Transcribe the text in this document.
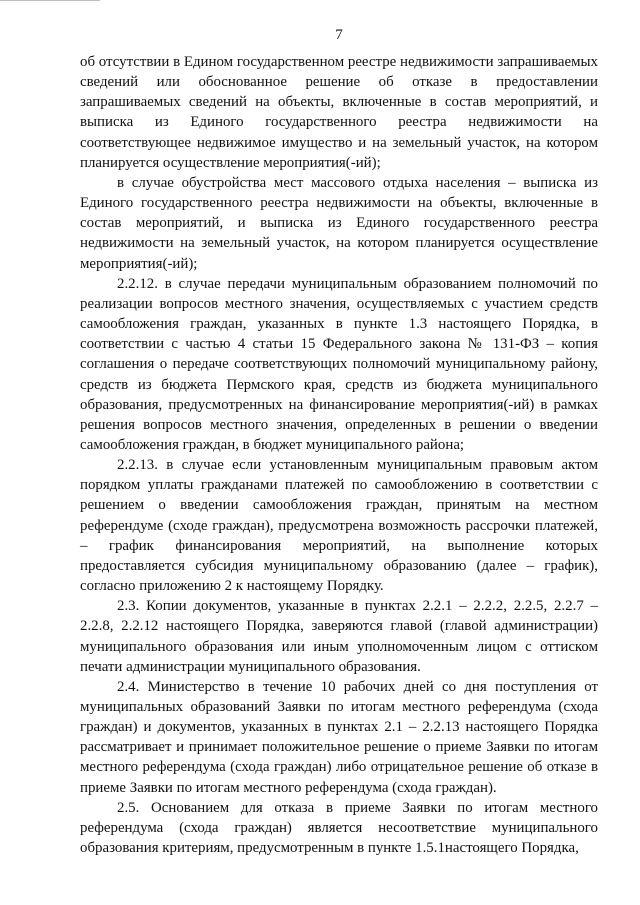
7

об отсутствии в Едином государственном реестре недвижимости запрашиваемых сведений или обоснованное решение об отказе в предоставлении запрашиваемых сведений на объекты, включенные в состав мероприятий, и выписка из Единого государственного реестра недвижимости на соответствующее недвижимое имущество и на земельный участок, на котором планируется осуществление мероприятия(-ий);

в случае обустройства мест массового отдыха населения – выписка из Единого государственного реестра недвижимости на объекты, включенные в состав мероприятий, и выписка из Единого государственного реестра недвижимости на земельный участок, на котором планируется осуществление мероприятия(-ий);

2.2.12. в случае передачи муниципальным образованием полномочий по реализации вопросов местного значения, осуществляемых с участием средств самообложения граждан, указанных в пункте 1.3 настоящего Порядка, в соответствии с частью 4 статьи 15 Федерального закона № 131-ФЗ – копия соглашения о передаче соответствующих полномочий муниципальному району, средств из бюджета Пермского края, средств из бюджета муниципального образования, предусмотренных на финансирование мероприятия(-ий) в рамках решения вопросов местного значения, определенных в решении о введении самообложения граждан, в бюджет муниципального района;

2.2.13. в случае если установленным муниципальным правовым актом порядком уплаты гражданами платежей по самообложению в соответствии с решением о введении самообложения граждан, принятым на местном референдуме (сходе граждан), предусмотрена возможность рассрочки платежей, – график финансирования мероприятий, на выполнение которых предоставляется субсидия муниципальному образованию (далее – график), согласно приложению 2 к настоящему Порядку.

2.3. Копии документов, указанные в пунктах 2.2.1 – 2.2.2, 2.2.5, 2.2.7 – 2.2.8, 2.2.12 настоящего Порядка, заверяются главой (главой администрации) муниципального образования или иным уполномоченным лицом с оттиском печати администрации муниципального образования.

2.4. Министерство в течение 10 рабочих дней со дня поступления от муниципальных образований Заявки по итогам местного референдума (схода граждан) и документов, указанных в пунктах 2.1 – 2.2.13 настоящего Порядка рассматривает и принимает положительное решение о приеме Заявки по итогам местного референдума (схода граждан) либо отрицательное решение об отказе в приеме Заявки по итогам местного референдума (схода граждан).

2.5. Основанием для отказа в приеме Заявки по итогам местного референдума (схода граждан) является несоответствие муниципального образования критериям, предусмотренным в пункте 1.5.1настоящего Порядка,
